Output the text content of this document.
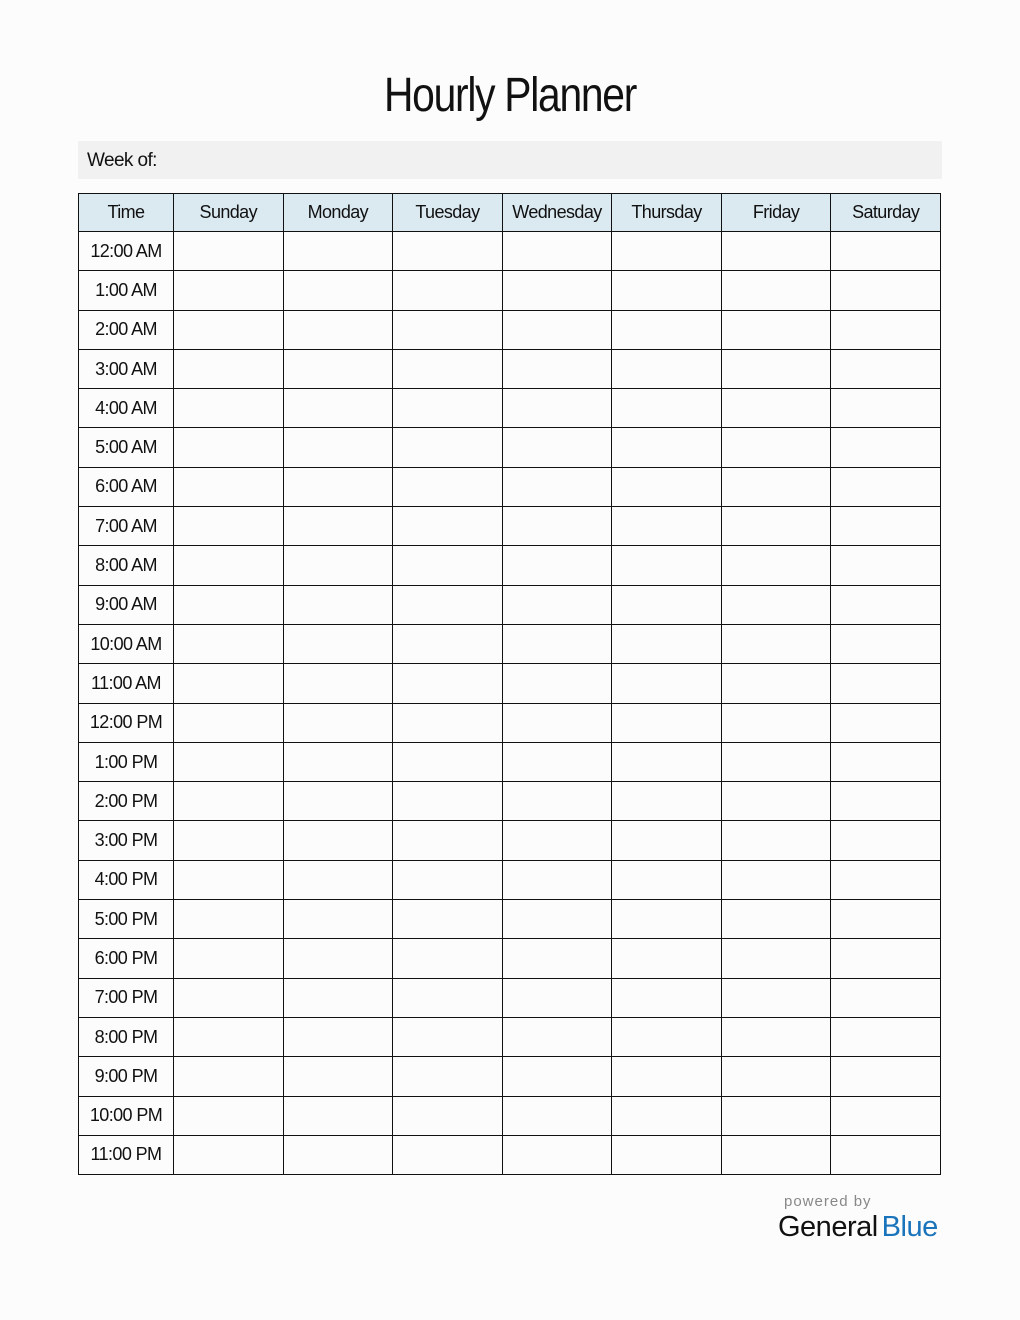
Hourly Planner
Week of:
Time	Sunday	Monday	Tuesday	Wednesday	Thursday	Friday	Saturday
12:00 AM							
1:00 AM							
2:00 AM							
3:00 AM							
4:00 AM							
5:00 AM							
6:00 AM							
7:00 AM							
8:00 AM							
9:00 AM							
10:00 AM							
11:00 AM							
12:00 PM							
1:00 PM							
2:00 PM							
3:00 PM							
4:00 PM							
5:00 PM							
6:00 PM							
7:00 PM							
8:00 PM							
9:00 PM							
10:00 PM							
11:00 PM							
powered by
General Blue
